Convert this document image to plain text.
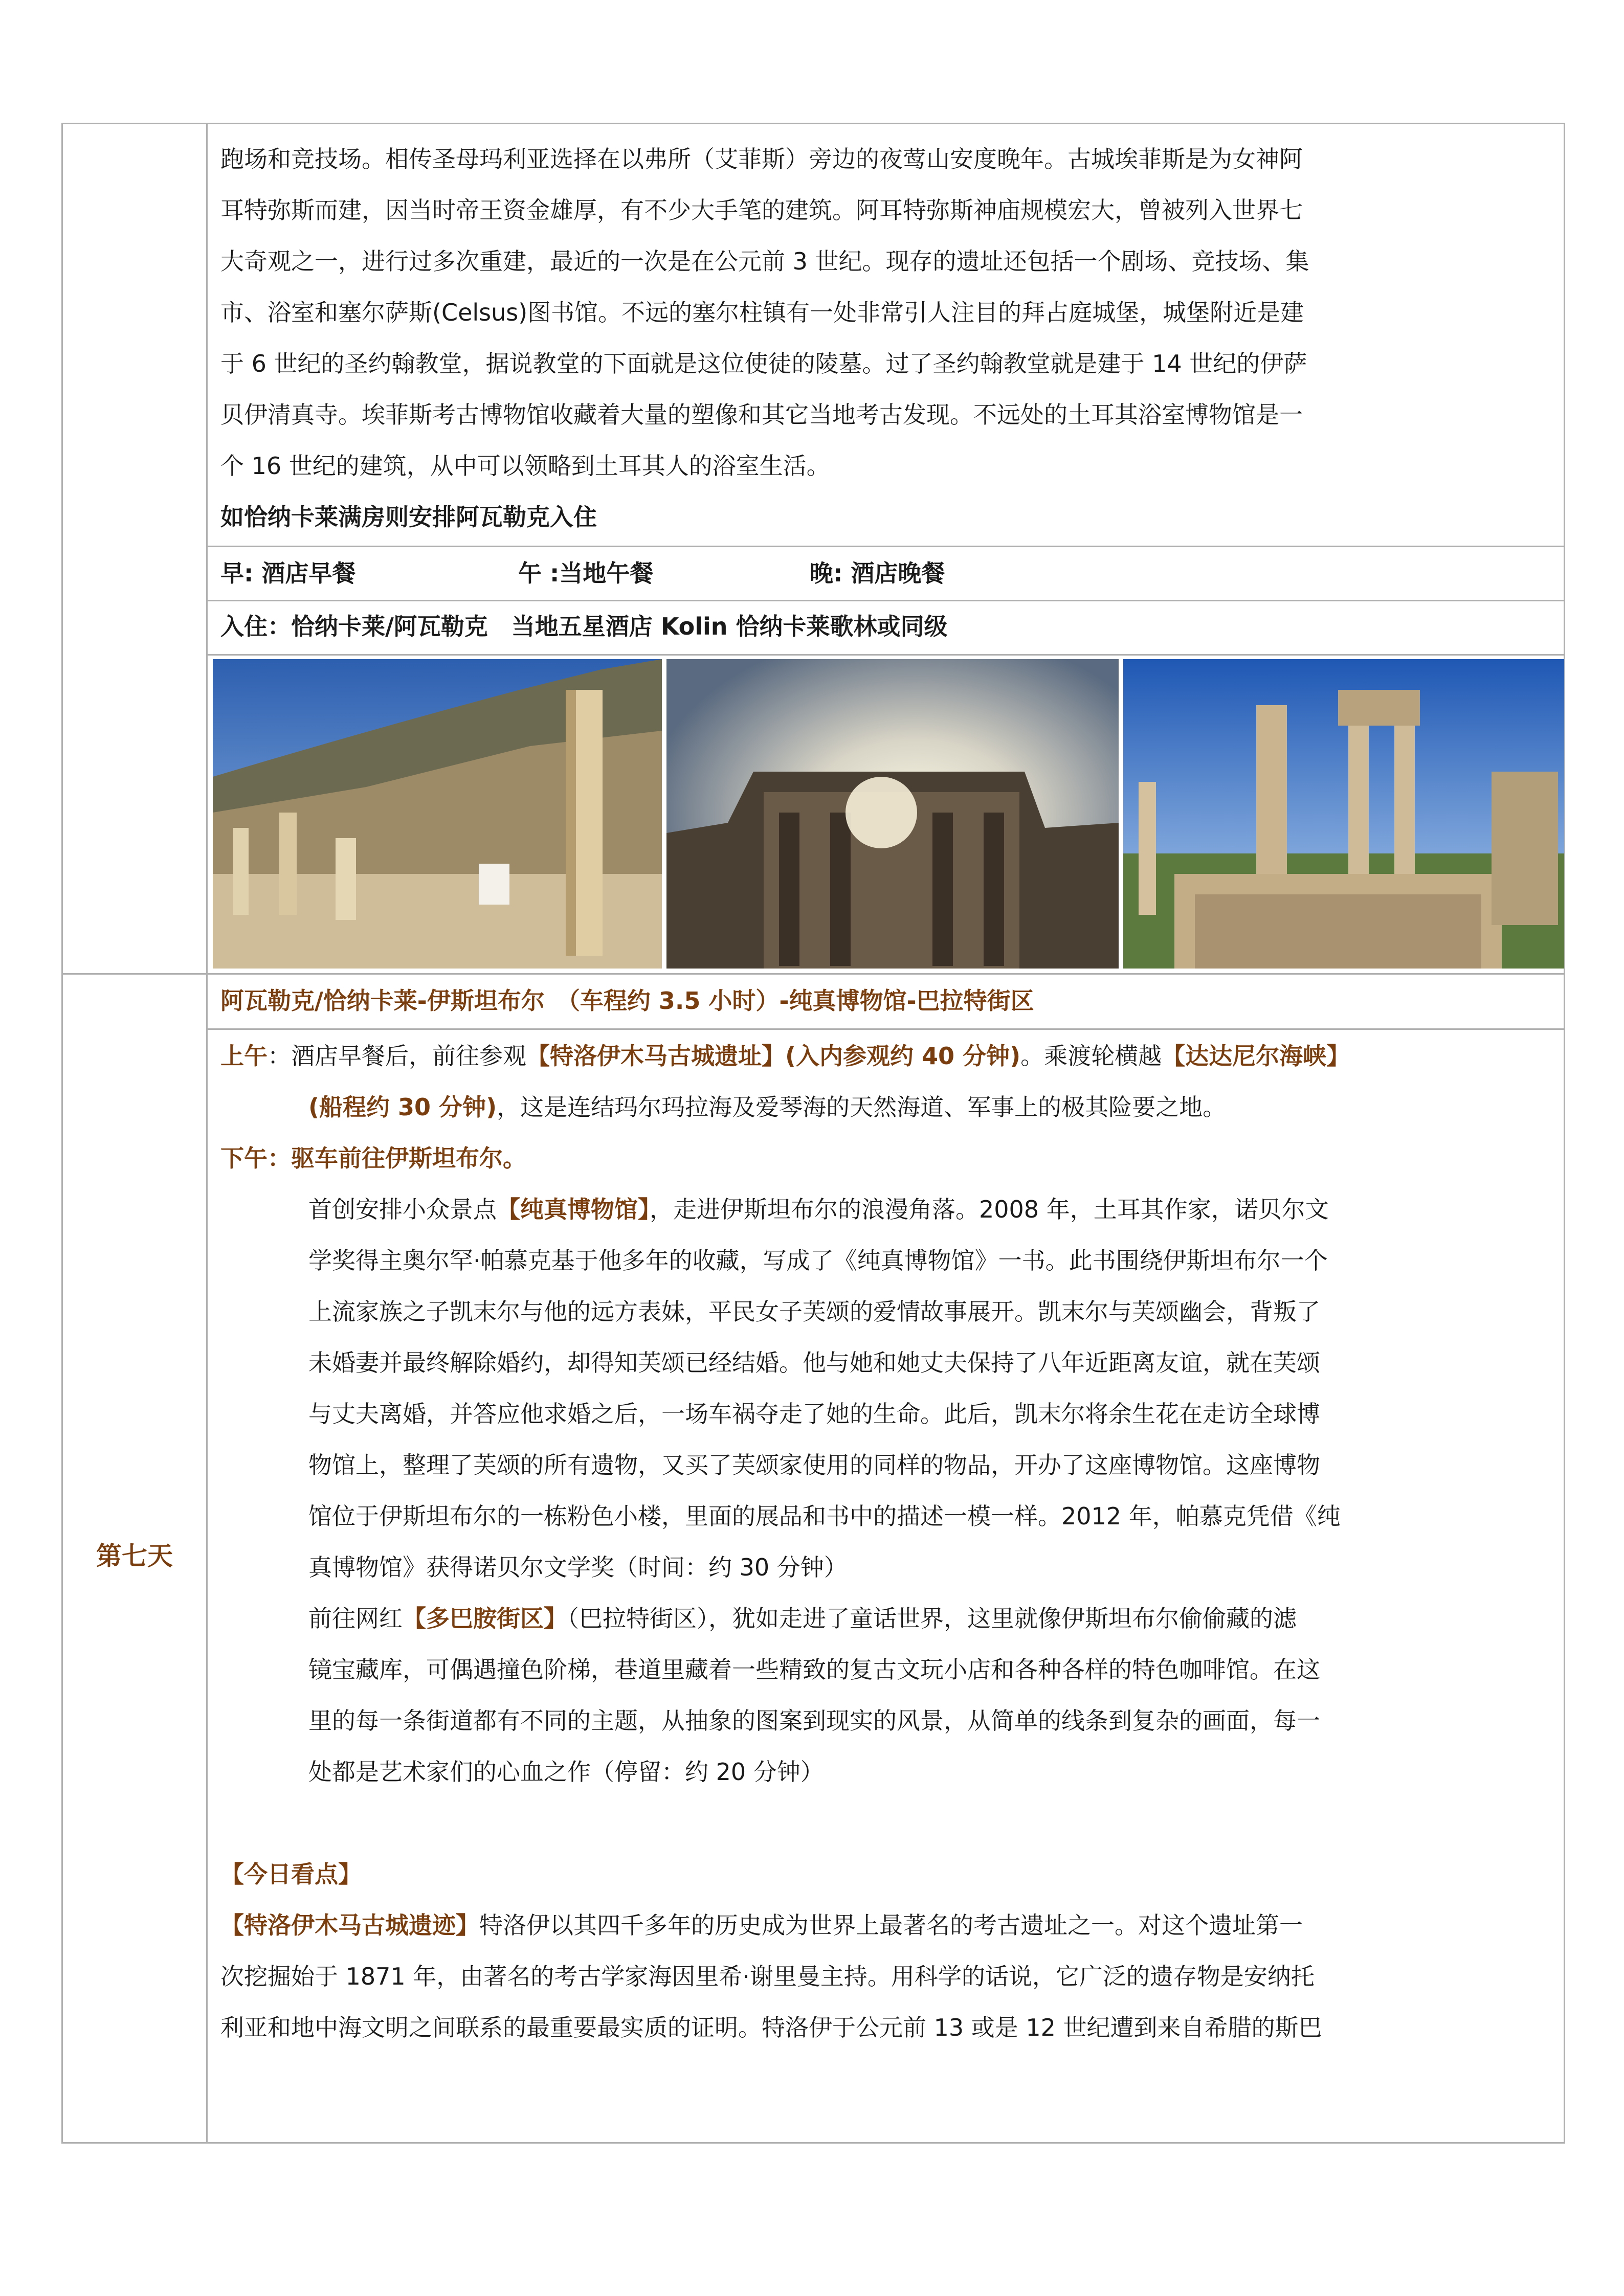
跑场和竞技场。相传圣母玛利亚选择在以弗所（艾菲斯）旁边的夜莺山安度晚年。古城埃菲斯是为女神阿
耳特弥斯而建，因当时帝王资金雄厚，有不少大手笔的建筑。阿耳特弥斯神庙规模宏大，曾被列入世界七
大奇观之一，进行过多次重建，最近的一次是在公元前 3 世纪。现存的遗址还包括一个剧场、竞技场、集
市、浴室和塞尔萨斯(Celsus)图书馆。不远的塞尔柱镇有一处非常引人注目的拜占庭城堡，城堡附近是建
于 6 世纪的圣约翰教堂，据说教堂的下面就是这位使徒的陵墓。过了圣约翰教堂就是建于 14 世纪的伊萨
贝伊清真寺。埃菲斯考古博物馆收藏着大量的塑像和其它当地考古发现。不远处的土耳其浴室博物馆是一
个 16 世纪的建筑，从中可以领略到土耳其人的浴室生活。
如恰纳卡莱满房则安排阿瓦勒克入住
早: 酒店早餐	午 :当地午餐	晚: 酒店晚餐
入住：恰纳卡莱/阿瓦勒克　当地五星酒店 Kolin 恰纳卡莱歌林或同级
第七天
阿瓦勒克/恰纳卡莱-伊斯坦布尔　（车程约 3.5 小时）-纯真博物馆-巴拉特街区
上午：酒店早餐后，前往参观【特洛伊木马古城遗址】(入内参观约 40 分钟)。乘渡轮横越【达达尼尔海峡】
(船程约 30 分钟)，这是连结玛尔玛拉海及爱琴海的天然海道、军事上的极其险要之地。
下午：驱车前往伊斯坦布尔。
首创安排小众景点【纯真博物馆】，走进伊斯坦布尔的浪漫角落。2008 年，土耳其作家，诺贝尔文
学奖得主奥尔罕·帕慕克基于他多年的收藏，写成了《纯真博物馆》一书。此书围绕伊斯坦布尔一个
上流家族之子凯末尔与他的远方表妹，平民女子芙颂的爱情故事展开。凯末尔与芙颂幽会，背叛了
未婚妻并最终解除婚约，却得知芙颂已经结婚。他与她和她丈夫保持了八年近距离友谊，就在芙颂
与丈夫离婚，并答应他求婚之后，一场车祸夺走了她的生命。此后，凯末尔将余生花在走访全球博
物馆上，整理了芙颂的所有遗物，又买了芙颂家使用的同样的物品，开办了这座博物馆。这座博物
馆位于伊斯坦布尔的一栋粉色小楼，里面的展品和书中的描述一模一样。2012 年，帕慕克凭借《纯
真博物馆》获得诺贝尔文学奖（时间：约 30 分钟）
前往网红【多巴胺街区】（巴拉特街区），犹如走进了童话世界，这里就像伊斯坦布尔偷偷藏的滤
镜宝藏库，可偶遇撞色阶梯，巷道里藏着一些精致的复古文玩小店和各种各样的特色咖啡馆。在这
里的每一条街道都有不同的主题，从抽象的图案到现实的风景，从简单的线条到复杂的画面，每一
处都是艺术家们的心血之作（停留：约 20 分钟）
【今日看点】
【特洛伊木马古城遗迹】特洛伊以其四千多年的历史成为世界上最著名的考古遗址之一。对这个遗址第一
次挖掘始于 1871 年，由著名的考古学家海因里希·谢里曼主持。用科学的话说，它广泛的遗存物是安纳托
利亚和地中海文明之间联系的最重要最实质的证明。特洛伊于公元前 13 或是 12 世纪遭到来自希腊的斯巴
